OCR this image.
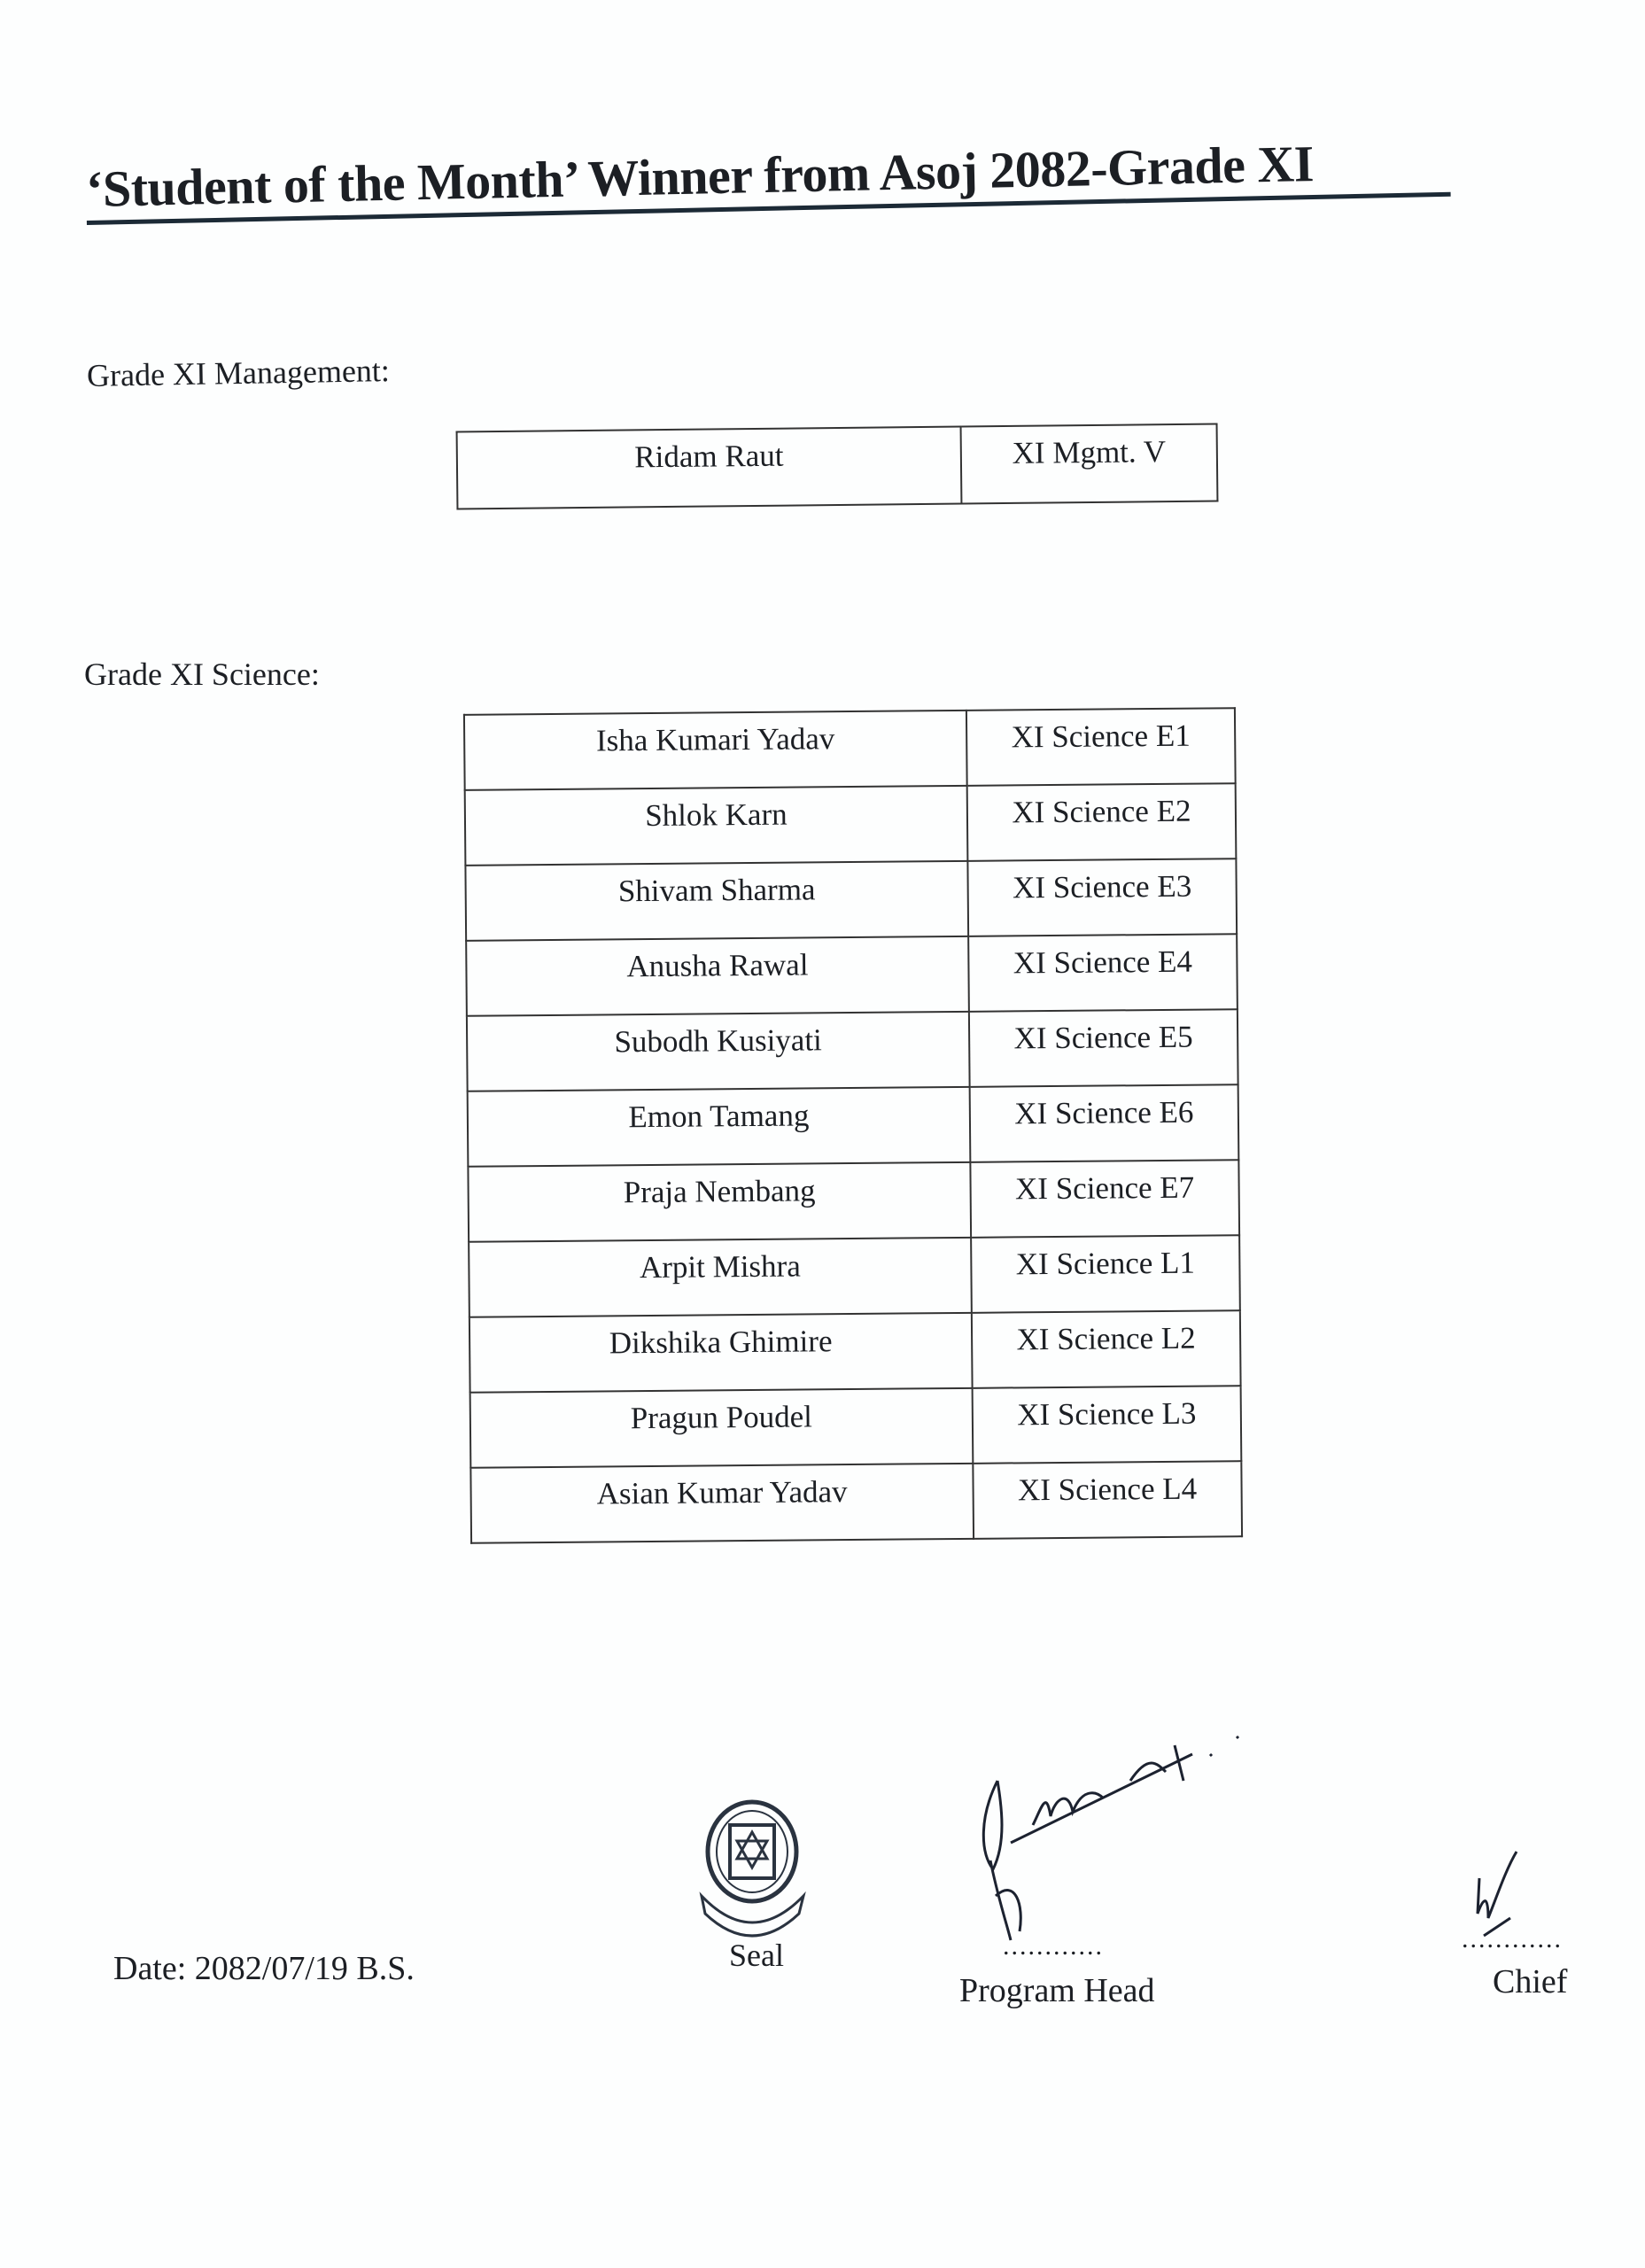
‘Student of the Month’ Winner from Asoj 2082-Grade XI
Grade XI Management:
Ridam Raut	XI Mgmt. V
Grade XI Science:
Isha Kumari Yadav	XI Science E1
Shlok Karn	XI Science E2
Shivam Sharma	XI Science E3
Anusha Rawal	XI Science E4
Subodh Kusiyati	XI Science E5
Emon Tamang	XI Science E6
Praja Nembang	XI Science E7
Arpit Mishra	XI Science L1
Dikshika Ghimire	XI Science L2
Pragun Poudel	XI Science L3
Asian Kumar Yadav	XI Science L4
Date: 2082/07/19 B.S.	Seal	............
Program Head
............
Chief
